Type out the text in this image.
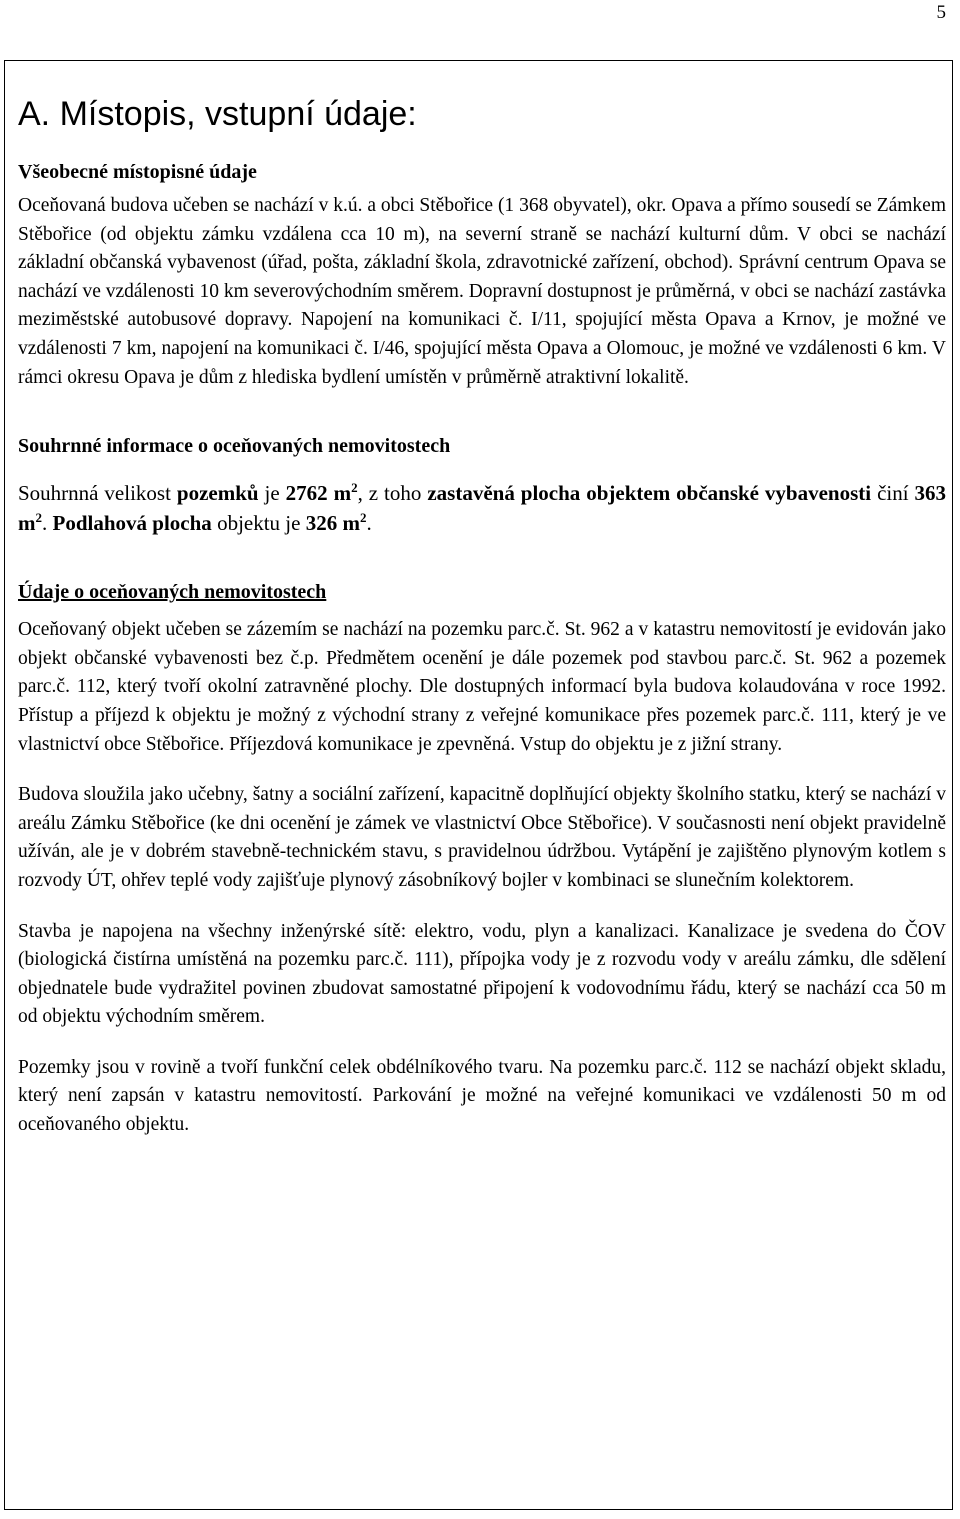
5
A. Místopis, vstupní údaje:
Všeobecné místopisné údaje

Oceňovaná budova učeben se nachází v k.ú. a obci Stěbořice (1 368 obyvatel), okr. Opava a přímo sousedí se Zámkem Stěbořice (od objektu zámku vzdálena cca 10 m), na severní straně se nachází kulturní dům. V obci se nachází základní občanská vybavenost (úřad, pošta, základní škola, zdravotnické zařízení, obchod). Správní centrum Opava se nachází ve vzdálenosti 10 km severovýchodním směrem. Dopravní dostupnost je průměrná, v obci se nachází zastávka meziměstské autobusové dopravy. Napojení na komunikaci č. I/11, spojující města Opava a Krnov, je možné ve vzdálenosti 7 km, napojení na komunikaci č. I/46, spojující města Opava a Olomouc, je možné ve vzdálenosti 6 km. V rámci okresu Opava je dům z hlediska bydlení umístěn v průměrně atraktivní lokalitě.

Souhrnné informace o oceňovaných nemovitostech

Souhrnná velikost pozemků je 2762 $m^2$, z toho zastavěná plocha objektem občanské vybavenosti činí 363 $m^2$. Podlahová plocha objektu je 326 $m^2$.

Údaje o oceňovaných nemovitostech

Oceňovaný objekt učeben se zázemím se nachází na pozemku parc.č. St. 962 a v katastru nemovitostí je evidován jako objekt občanské vybavenosti bez č.p. Předmětem ocenění je dále pozemek pod stavbou parc.č. St. 962 a pozemek parc.č. 112, který tvoří okolní zatravněné plochy. Dle dostupných informací byla budova kolaudována v roce 1992. Přístup a příjezd k objektu je možný z východní strany z veřejné komunikace přes pozemek parc.č. 111, který je ve vlastnictví obce Stěbořice. Příjezdová komunikace je zpevněná. Vstup do objektu je z jižní strany.

Budova sloužila jako učebny, šatny a sociální zařízení, kapacitně doplňující objekty školního statku, který se nachází v areálu Zámku Stěbořice (ke dni ocenění je zámek ve vlastnictví Obce Stěbořice). V současnosti není objekt pravidelně užíván, ale je v dobrém stavebně-technickém stavu, s pravidelnou údržbou. Vytápění je zajištěno plynovým kotlem s rozvody ÚT, ohřev teplé vody zajišťuje plynový zásobníkový bojler v kombinaci se slunečním kolektorem.

Stavba je napojena na všechny inženýrské sítě: elektro, vodu, plyn a kanalizaci. Kanalizace je svedena do ČOV (biologická čistírna umístěná na pozemku parc.č. 111), přípojka vody je z rozvodu vody v areálu zámku, dle sdělení objednatele bude vydražitel povinen zbudovat samostatné připojení k vodovodnímu řádu, který se nachází cca 50 m od objektu východním směrem.

Pozemky jsou v rovině a tvoří funkční celek obdélníkového tvaru. Na pozemku parc.č. 112 se nachází objekt skladu, který není zapsán v katastru nemovitostí. Parkování je možné na veřejné komunikaci ve vzdálenosti 50 m od oceňovaného objektu.
